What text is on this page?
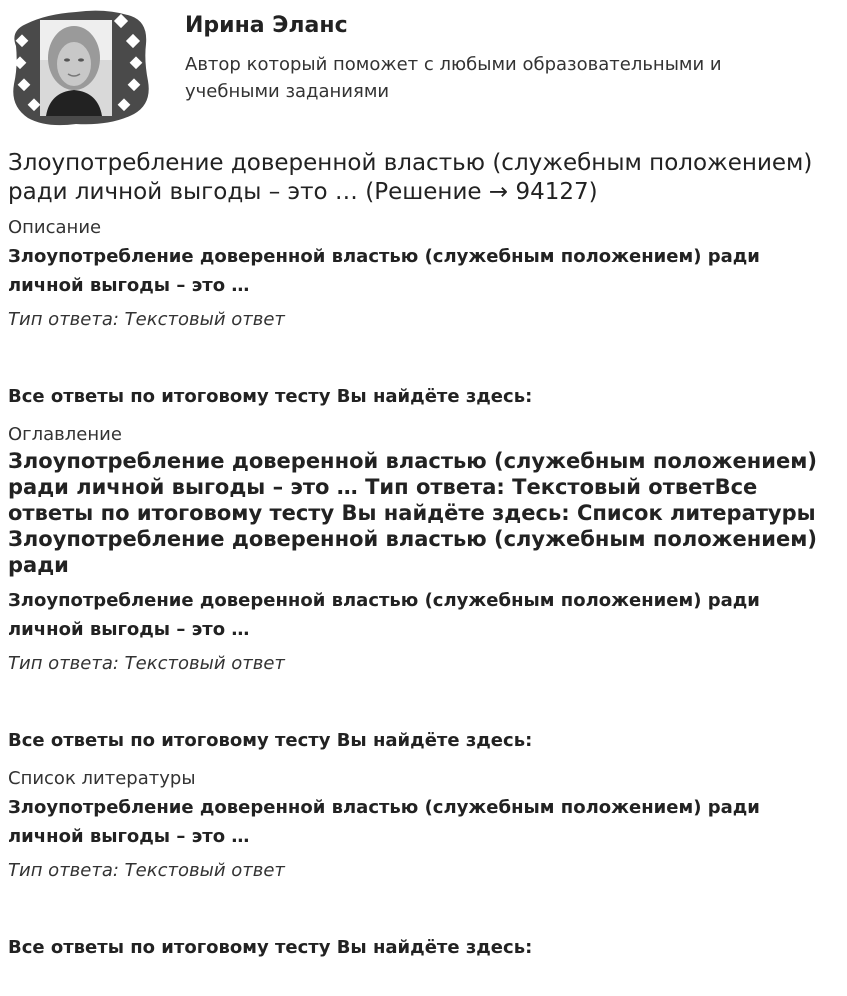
Ирина Эланс
Автор который поможет с любыми образовательными и учебными заданиями
Злоупотребление доверенной властью (служебным положением) ради личной выгоды – это … (Решение → 94127)

Описание

Злоупотребление доверенной властью (служебным положением) ради личной выгоды – это …

Тип ответа: Текстовый ответ

Все ответы по итоговому тесту Вы найдёте здесь:

Оглавление

Злоупотребление доверенной властью (служебным положением) ради личной выгоды – это … Тип ответа: Текстовый ответВсе ответы по итоговому тесту Вы найдёте здесь: Список литературы Злоупотребление доверенной властью (служебным положением) ради

Злоупотребление доверенной властью (служебным положением) ради личной выгоды – это …

Тип ответа: Текстовый ответ

Все ответы по итоговому тесту Вы найдёте здесь:

Список литературы

Злоупотребление доверенной властью (служебным положением) ради личной выгоды – это …

Тип ответа: Текстовый ответ

Все ответы по итоговому тесту Вы найдёте здесь:
